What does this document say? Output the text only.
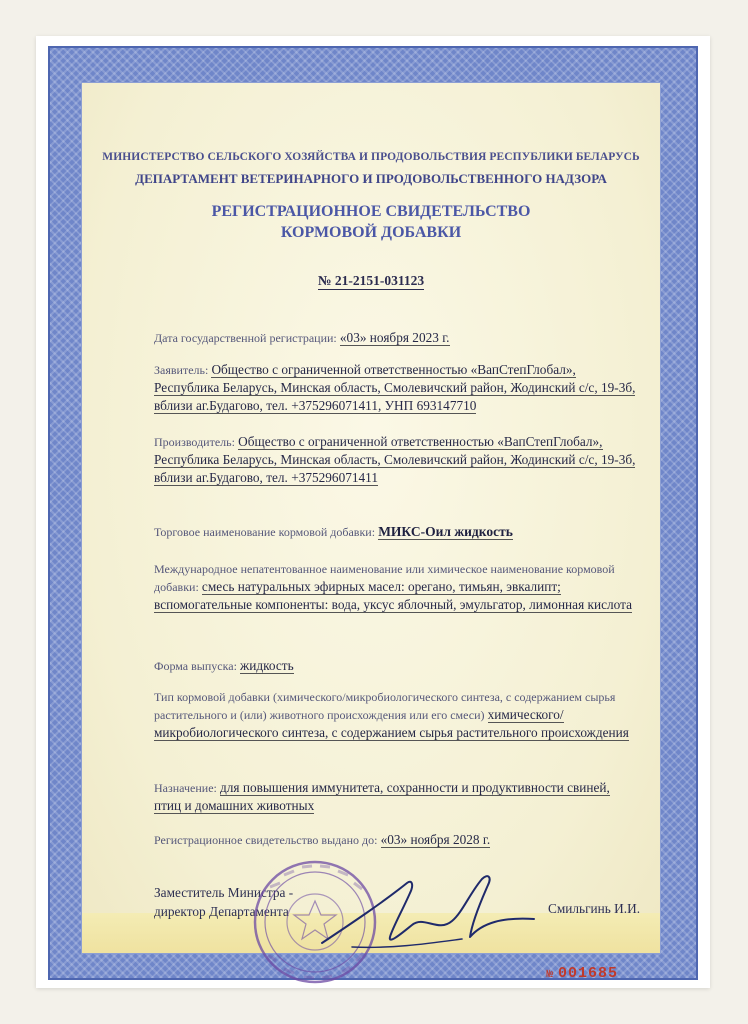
МИНИСТЕРСТВО СЕЛЬСКОГО ХОЗЯЙСТВА И ПРОДОВОЛЬСТВИЯ РЕСПУБЛИКИ БЕЛАРУСЬ
ДЕПАРТАМЕНТ ВЕТЕРИНАРНОГО И ПРОДОВОЛЬСТВЕННОГО НАДЗОРА
РЕГИСТРАЦИОННОЕ СВИДЕТЕЛЬСТВО
КОРМОВОЙ ДОБАВКИ
№ 21-2151-031123
Дата государственной регистрации: «03» ноября 2023 г.
Заявитель: Общество с ограниченной ответственностью «ВапСтепГлобал», Республика Беларусь, Минская область, Смолевичский район, Жодинский с/с, 19-3б, вблизи аг.Будагово, тел. +375296071411, УНП 693147710
Производитель: Общество с ограниченной ответственностью «ВапСтепГлобал», Республика Беларусь, Минская область, Смолевичский район, Жодинский с/с, 19-3б, вблизи аг.Будагово, тел. +375296071411
Торговое наименование кормовой добавки: МИКС-Оил жидкость
Международное непатентованное наименование или химическое наименование кормовой добавки: смесь натуральных эфирных масел: орегано, тимьян, эвкалипт; вспомогательные компоненты: вода, уксус яблочный, эмульгатор, лимонная кислота
Форма выпуска: жидкость
Тип кормовой добавки (химического/микробиологического синтеза, с содержанием сырья растительного и (или) животного происхождения или его смеси) химического/микробиологического синтеза, с содержанием сырья растительного происхождения
Назначение: для повышения иммунитета, сохранности и продуктивности свиней, птиц и домашних животных
Регистрационное свидетельство выдано до: «03» ноября 2028 г.
Заместитель Министра -
директор Департамента	Смильгинь И.И.
№ 001685
